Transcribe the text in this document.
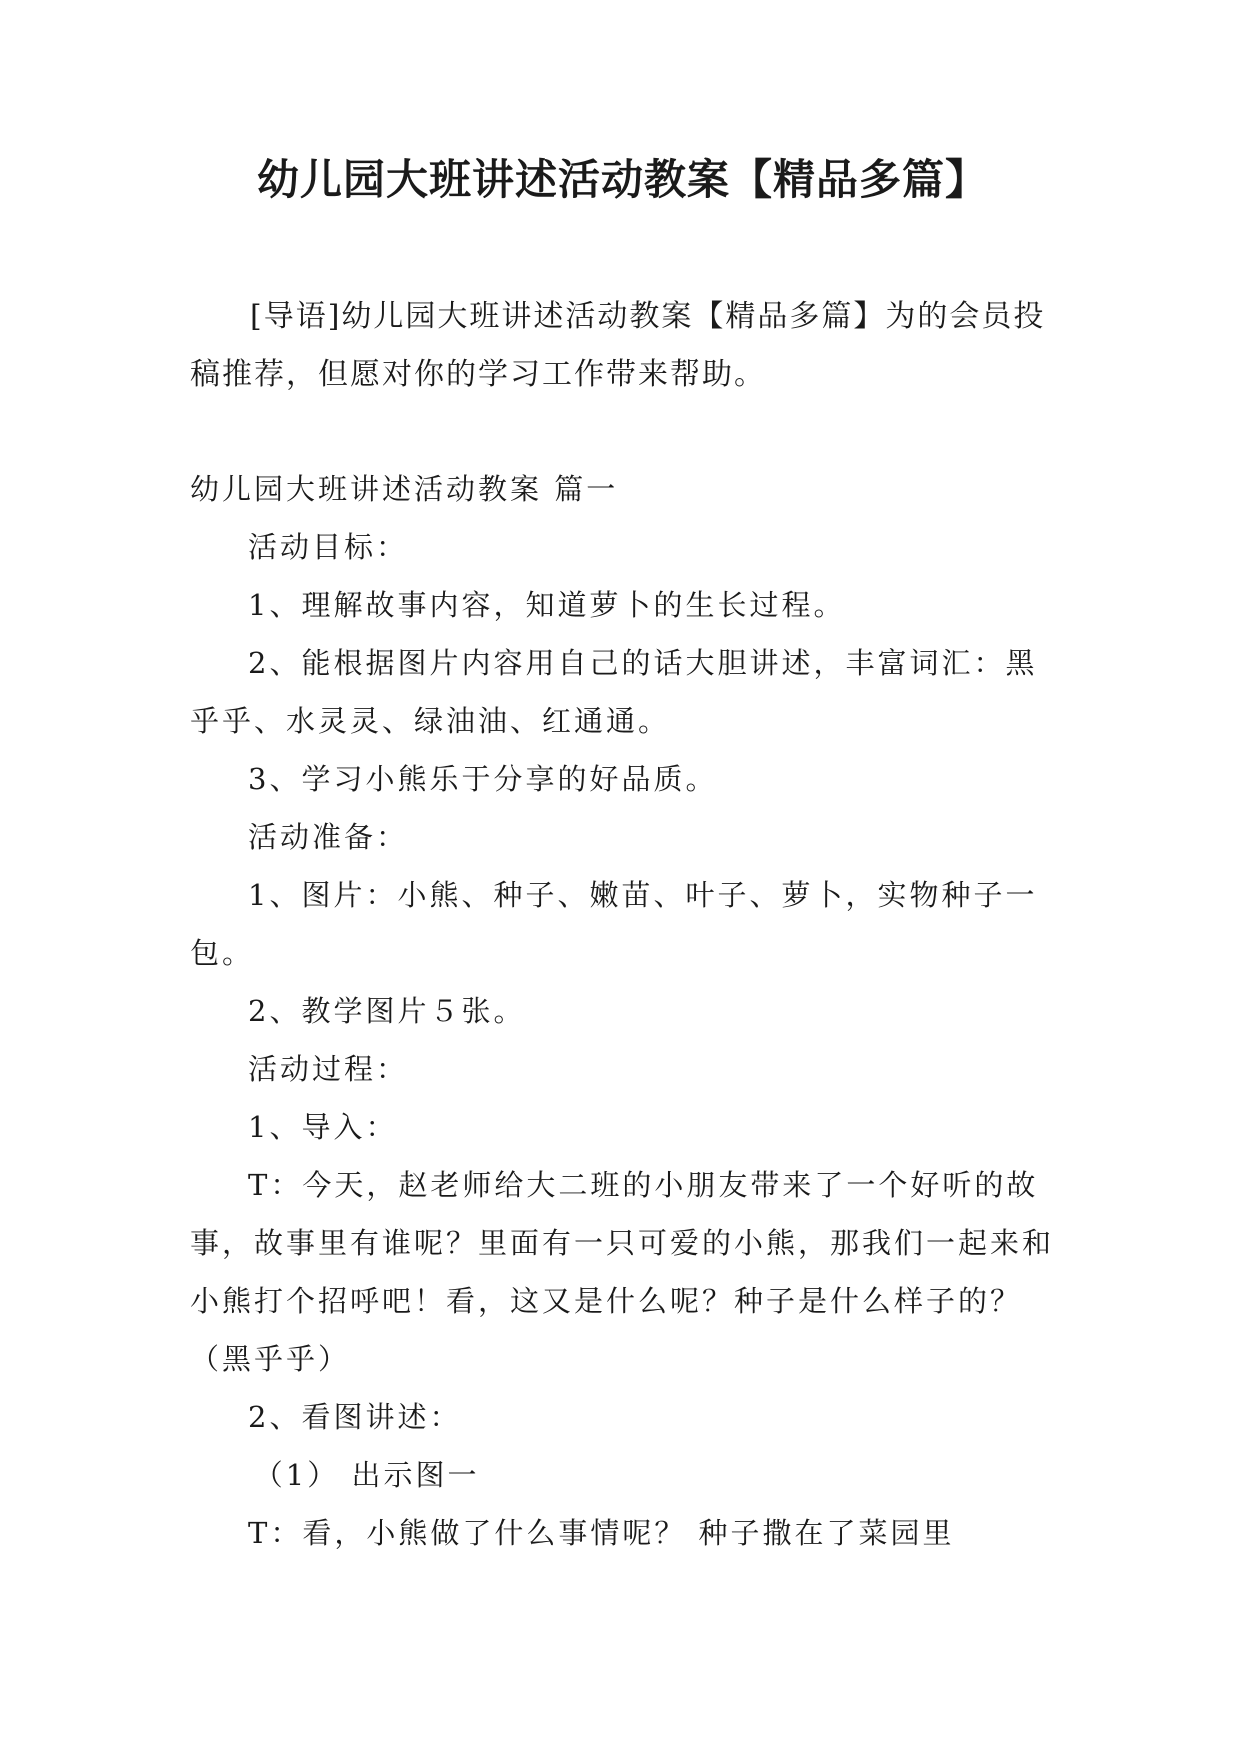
幼儿园大班讲述活动教案【精品多篇】

[导语]幼儿园大班讲述活动教案【精品多篇】为的会员投稿推荐，但愿对你的学习工作带来帮助。

幼儿园大班讲述活动教案 篇一

活动目标：

1、理解故事内容，知道萝卜的生长过程。

2、能根据图片内容用自己的话大胆讲述，丰富词汇：黑乎乎、水灵灵、绿油油、红通通。

3、学习小熊乐于分享的好品质。

活动准备：

1、图片：小熊、种子、嫩苗、叶子、萝卜，实物种子一包。

2、教学图片５张。

活动过程：

1、导入：

T：今天，赵老师给大二班的小朋友带来了一个好听的故事，故事里有谁呢？里面有一只可爱的小熊，那我们一起来和小熊打个招呼吧！看，这又是什么呢？种子是什么样子的？（黑乎乎）

2、看图讲述：

（1） 出示图一

T：看，小熊做了什么事情呢？ 种子撒在了菜园里
